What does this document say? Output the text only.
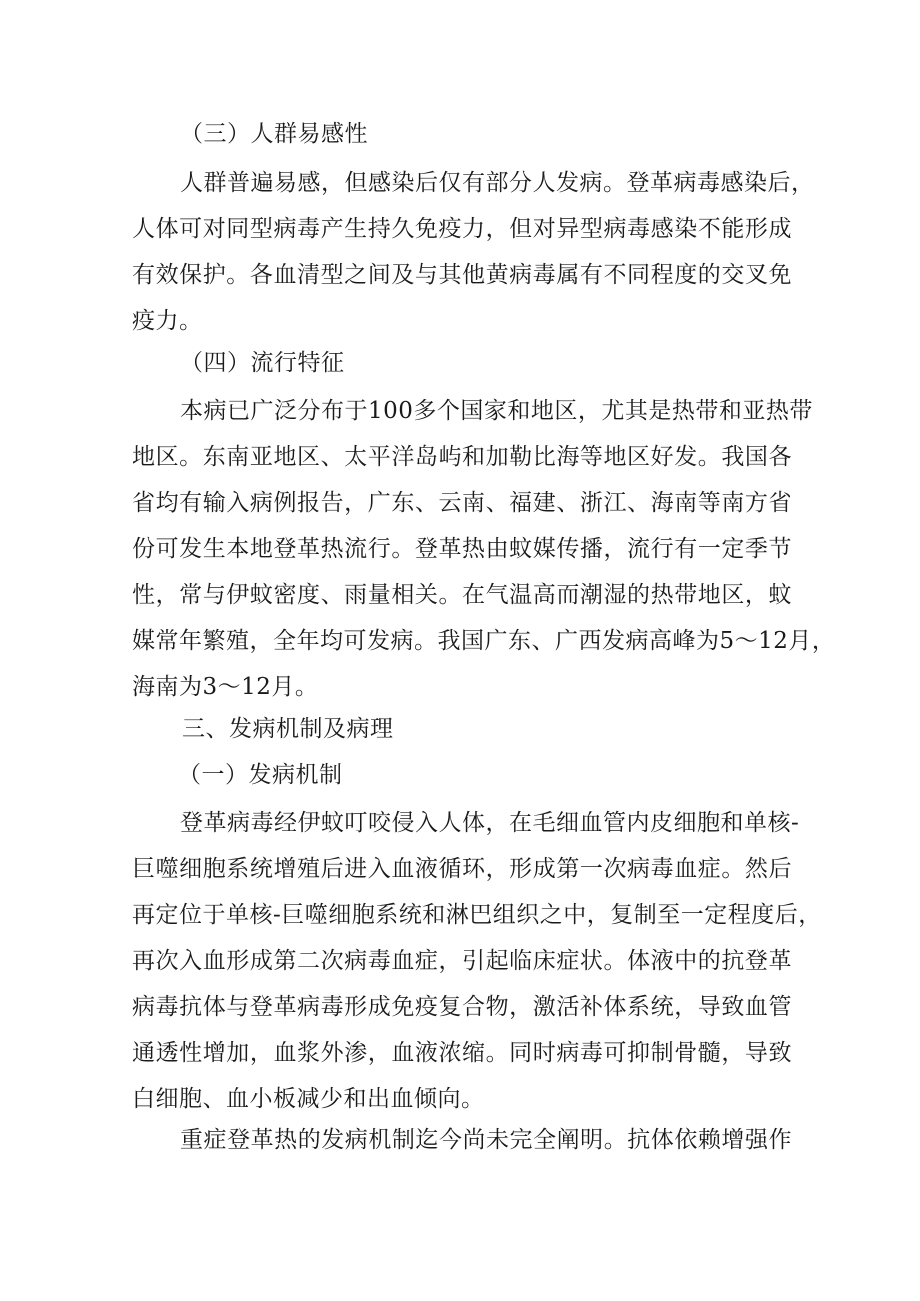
（三）人群易感性

人群普遍易感，但感染后仅有部分人发病。登革病毒感染后，
人体可对同型病毒产生持久免疫力，但对异型病毒感染不能形成
有效保护。各血清型之间及与其他黄病毒属有不同程度的交叉免
疫力。

（四）流行特征

本病已广泛分布于100多个国家和地区，尤其是热带和亚热带
地区。东南亚地区、太平洋岛屿和加勒比海等地区好发。我国各
省均有输入病例报告，广东、云南、福建、浙江、海南等南方省
份可发生本地登革热流行。登革热由蚊媒传播，流行有一定季节
性，常与伊蚊密度、雨量相关。在气温高而潮湿的热带地区，蚊
媒常年繁殖，全年均可发病。我国广东、广西发病高峰为5～12月，
海南为3～12月。

三、发病机制及病理

（一）发病机制

登革病毒经伊蚊叮咬侵入人体，在毛细血管内皮细胞和单核-
巨噬细胞系统增殖后进入血液循环，形成第一次病毒血症。然后
再定位于单核-巨噬细胞系统和淋巴组织之中，复制至一定程度后，
再次入血形成第二次病毒血症，引起临床症状。体液中的抗登革
病毒抗体与登革病毒形成免疫复合物，激活补体系统，导致血管
通透性增加，血浆外渗，血液浓缩。同时病毒可抑制骨髓，导致
白细胞、血小板减少和出血倾向。
重症登革热的发病机制迄今尚未完全阐明。抗体依赖增强作
